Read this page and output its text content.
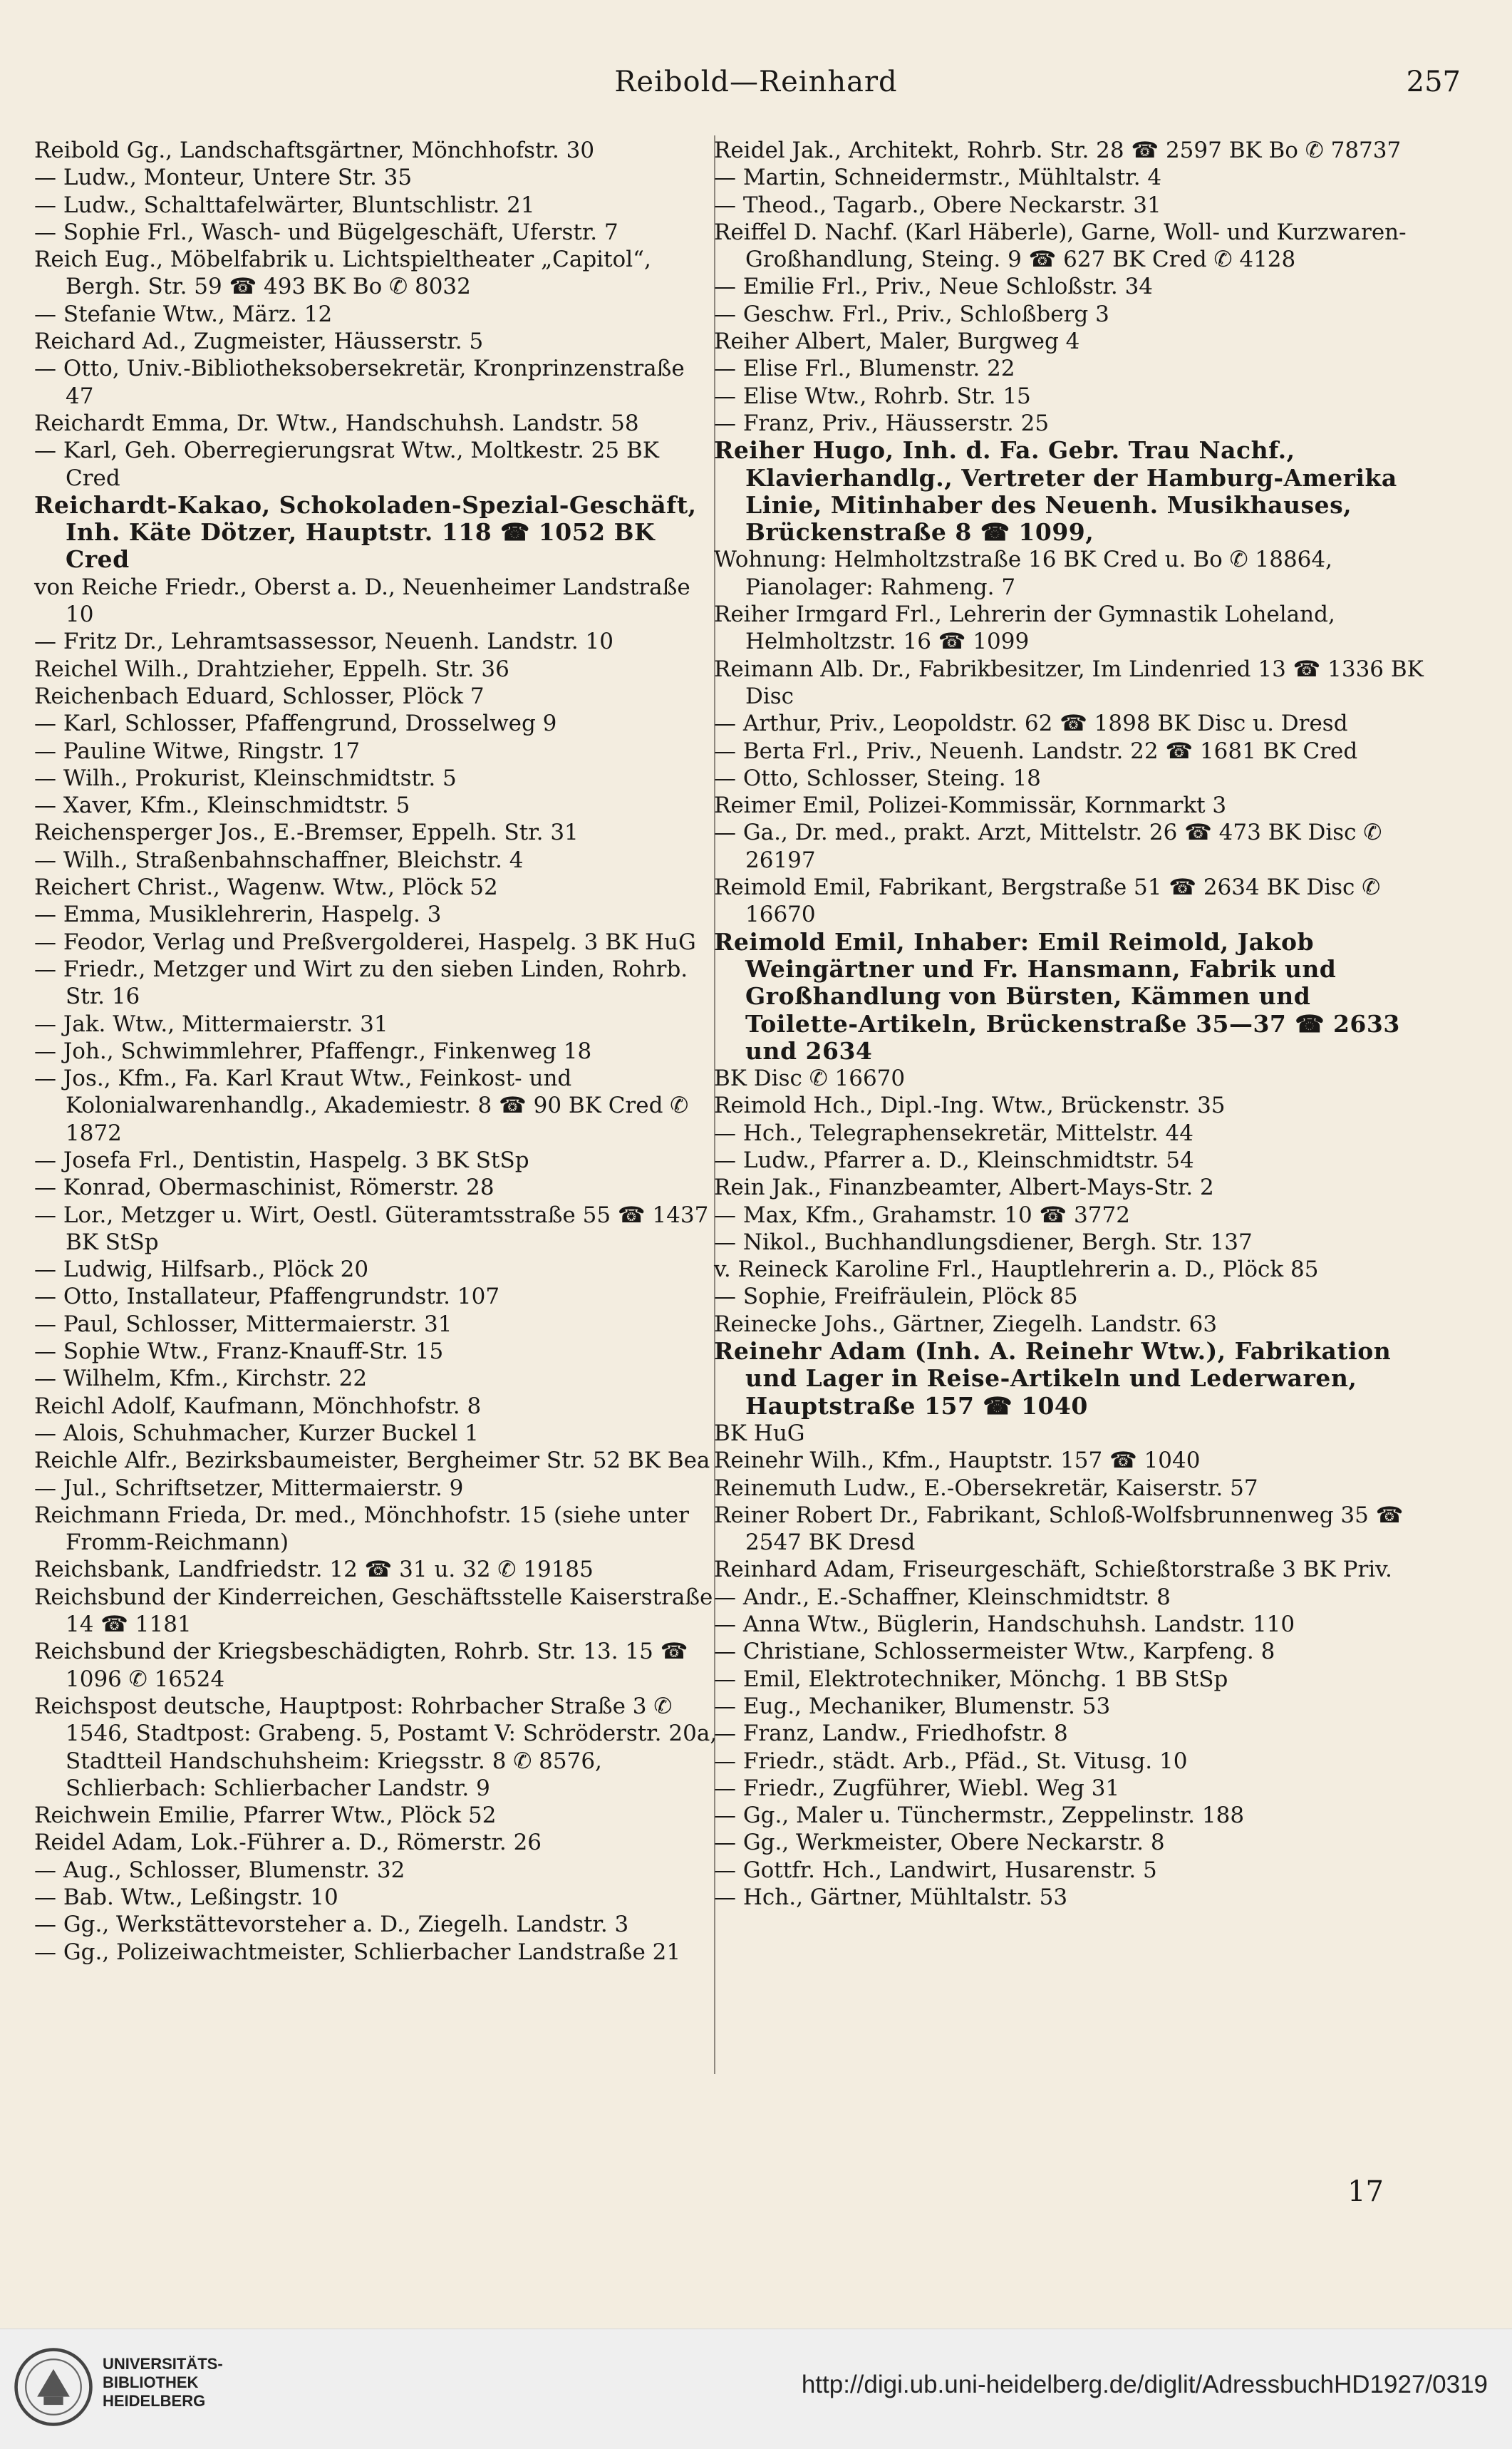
Reibold—Reinhard	257

Reibold Gg., Landschaftsgärtner, Mönchhofstr. 30

— Ludw., Monteur, Untere Str. 35

— Ludw., Schalttafelwärter, Bluntschlistr. 21

— Sophie Frl., Wasch- und Bügelgeschäft, Uferstr. 7

Reich Eug., Möbelfabrik u. Lichtspieltheater „Capitol“, Bergh. Str. 59 ☎ 493 BK Bo ✆ 8032

— Stefanie Wtw., März. 12

Reichard Ad., Zugmeister, Häusserstr. 5

— Otto, Univ.-Bibliotheksobersekretär, Kronprinzenstraße 47

Reichardt Emma, Dr. Wtw., Handschuhsh. Landstr. 58

— Karl, Geh. Oberregierungsrat Wtw., Moltkestr. 25 BK Cred

Reichardt-Kakao, Schokoladen-Spezial-Geschäft, Inh. Käte Dötzer, Hauptstr. 118 ☎ 1052 BK Cred

von Reiche Friedr., Oberst a. D., Neuenheimer Landstraße 10

— Fritz Dr., Lehramtsassessor, Neuenh. Landstr. 10

Reichel Wilh., Drahtzieher, Eppelh. Str. 36

Reichenbach Eduard, Schlosser, Plöck 7

— Karl, Schlosser, Pfaffengrund, Drosselweg 9

— Pauline Witwe, Ringstr. 17

— Wilh., Prokurist, Kleinschmidtstr. 5

— Xaver, Kfm., Kleinschmidtstr. 5

Reichensperger Jos., E.-Bremser, Eppelh. Str. 31

— Wilh., Straßenbahnschaffner, Bleichstr. 4

Reichert Christ., Wagenw. Wtw., Plöck 52

— Emma, Musiklehrerin, Haspelg. 3

— Feodor, Verlag und Preßvergolderei, Haspelg. 3 BK HuG

— Friedr., Metzger und Wirt zu den sieben Linden, Rohrb. Str. 16

— Jak. Wtw., Mittermaierstr. 31

— Joh., Schwimmlehrer, Pfaffengr., Finkenweg 18

— Jos., Kfm., Fa. Karl Kraut Wtw., Feinkost- und Kolonialwarenhandlg., Akademiestr. 8 ☎ 90 BK Cred ✆ 1872

— Josefa Frl., Dentistin, Haspelg. 3 BK StSp

— Konrad, Obermaschinist, Römerstr. 28

— Lor., Metzger u. Wirt, Oestl. Güteramtsstraße 55 ☎ 1437 BK StSp

— Ludwig, Hilfsarb., Plöck 20

— Otto, Installateur, Pfaffengrundstr. 107

— Paul, Schlosser, Mittermaierstr. 31

— Sophie Wtw., Franz-Knauff-Str. 15

— Wilhelm, Kfm., Kirchstr. 22

Reichl Adolf, Kaufmann, Mönchhofstr. 8

— Alois, Schuhmacher, Kurzer Buckel 1

Reichle Alfr., Bezirksbaumeister, Bergheimer Str. 52 BK Bea

— Jul., Schriftsetzer, Mittermaierstr. 9

Reichmann Frieda, Dr. med., Mönchhofstr. 15 (siehe unter Fromm-Reichmann)

Reichsbank, Landfriedstr. 12 ☎ 31 u. 32 ✆ 19185

Reichsbund der Kinderreichen, Geschäftsstelle Kaiserstraße 14 ☎ 1181

Reichsbund der Kriegsbeschädigten, Rohrb. Str. 13. 15 ☎ 1096 ✆ 16524

Reichspost deutsche, Hauptpost: Rohrbacher Straße 3 ✆ 1546, Stadtpost: Grabeng. 5, Postamt V: Schröderstr. 20a, Stadtteil Handschuhsheim: Kriegsstr. 8 ✆ 8576, Schlierbach: Schlierbacher Landstr. 9

Reichwein Emilie, Pfarrer Wtw., Plöck 52

Reidel Adam, Lok.-Führer a. D., Römerstr. 26

— Aug., Schlosser, Blumenstr. 32

— Bab. Wtw., Leßingstr. 10

— Gg., Werkstättevorsteher a. D., Ziegelh. Landstr. 3

— Gg., Polizeiwachtmeister, Schlierbacher Landstraße 21

Reidel Jak., Architekt, Rohrb. Str. 28 ☎ 2597 BK Bo ✆ 78737

— Martin, Schneidermstr., Mühltalstr. 4

— Theod., Tagarb., Obere Neckarstr. 31

Reiffel D. Nachf. (Karl Häberle), Garne, Woll- und Kurzwaren-Großhandlung, Steing. 9 ☎ 627 BK Cred ✆ 4128

— Emilie Frl., Priv., Neue Schloßstr. 34

— Geschw. Frl., Priv., Schloßberg 3

Reiher Albert, Maler, Burgweg 4

— Elise Frl., Blumenstr. 22

— Elise Wtw., Rohrb. Str. 15

— Franz, Priv., Häusserstr. 25

Reiher Hugo, Inh. d. Fa. Gebr. Trau Nachf., Klavierhandlg., Vertreter der Hamburg-Amerika Linie, Mitinhaber des Neuenh. Musikhauses, Brückenstraße 8 ☎ 1099,

Wohnung: Helmholtzstraße 16 BK Cred u. Bo ✆ 18864, Pianolager: Rahmeng. 7

Reiher Irmgard Frl., Lehrerin der Gymnastik Loheland, Helmholtzstr. 16 ☎ 1099

Reimann Alb. Dr., Fabrikbesitzer, Im Lindenried 13 ☎ 1336 BK Disc

— Arthur, Priv., Leopoldstr. 62 ☎ 1898 BK Disc u. Dresd

— Berta Frl., Priv., Neuenh. Landstr. 22 ☎ 1681 BK Cred

— Otto, Schlosser, Steing. 18

Reimer Emil, Polizei-Kommissär, Kornmarkt 3

— Ga., Dr. med., prakt. Arzt, Mittelstr. 26 ☎ 473 BK Disc ✆ 26197

Reimold Emil, Fabrikant, Bergstraße 51 ☎ 2634 BK Disc ✆ 16670

Reimold Emil, Inhaber: Emil Reimold, Jakob Weingärtner und Fr. Hansmann, Fabrik und Großhandlung von Bürsten, Kämmen und Toilette-Artikeln, Brückenstraße 35—37 ☎ 2633 und 2634

BK Disc ✆ 16670

Reimold Hch., Dipl.-Ing. Wtw., Brückenstr. 35

— Hch., Telegraphensekretär, Mittelstr. 44

— Ludw., Pfarrer a. D., Kleinschmidtstr. 54

Rein Jak., Finanzbeamter, Albert-Mays-Str. 2

— Max, Kfm., Grahamstr. 10 ☎ 3772

— Nikol., Buchhandlungsdiener, Bergh. Str. 137

v. Reineck Karoline Frl., Hauptlehrerin a. D., Plöck 85

— Sophie, Freifräulein, Plöck 85

Reinecke Johs., Gärtner, Ziegelh. Landstr. 63

Reinehr Adam (Inh. A. Reinehr Wtw.), Fabrikation und Lager in Reise-Artikeln und Lederwaren, Hauptstraße 157 ☎ 1040

BK HuG

Reinehr Wilh., Kfm., Hauptstr. 157 ☎ 1040

Reinemuth Ludw., E.-Obersekretär, Kaiserstr. 57

Reiner Robert Dr., Fabrikant, Schloß-Wolfsbrunnenweg 35 ☎ 2547 BK Dresd

Reinhard Adam, Friseurgeschäft, Schießtorstraße 3 BK Priv.

— Andr., E.-Schaffner, Kleinschmidtstr. 8

— Anna Wtw., Büglerin, Handschuhsh. Landstr. 110

— Christiane, Schlossermeister Wtw., Karpfeng. 8

— Emil, Elektrotechniker, Mönchg. 1 BB StSp

— Eug., Mechaniker, Blumenstr. 53

— Franz, Landw., Friedhofstr. 8

— Friedr., städt. Arb., Pfäd., St. Vitusg. 10

— Friedr., Zugführer, Wiebl. Weg 31

— Gg., Maler u. Tünchermstr., Zeppelinstr. 188

— Gg., Werkmeister, Obere Neckarstr. 8

— Gottfr. Hch., Landwirt, Husarenstr. 5

— Hch., Gärtner, Mühltalstr. 53

17
UNIVERSITÄTS-
BIBLIOTHEK
HEIDELBERG
http://digi.ub.uni-heidelberg.de/diglit/AdressbuchHD1927/0319
